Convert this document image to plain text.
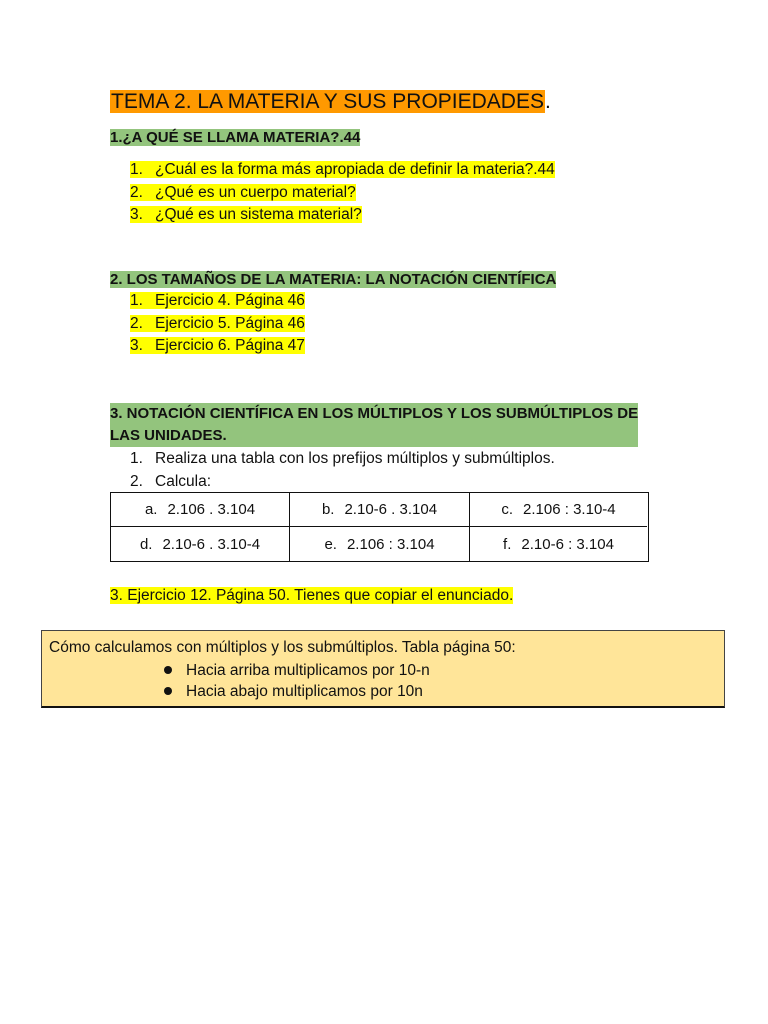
TEMA 2. LA MATERIA Y SUS PROPIEDADES.
1.¿A QUÉ SE LLAMA MATERIA?.44
1. ¿Cuál es la forma más apropiada de definir la materia?.44
2. ¿Qué es un cuerpo material?
3. ¿Qué es un sistema material?
2. LOS TAMAÑOS DE LA MATERIA: LA NOTACIÓN CIENTÍFICA
1. Ejercicio 4. Página 46
2. Ejercicio 5. Página 46
3. Ejercicio 6. Página 47
3. NOTACIÓN CIENTÍFICA EN LOS MÚLTIPLOS Y LOS SUBMÚLTIPLOS DE
LAS UNIDADES.
1. Realiza una tabla con los prefijos múltiplos y submúltiplos.
2. Calcula:
a. 2.106 . 3.104	b. 2.10-6 . 3.104	c. 2.106 : 3.10-4
d. 2.10-6 . 3.10-4	e. 2.106 : 3.104	f. 2.10-6 : 3.104
3. Ejercicio 12. Página 50. Tienes que copiar el enunciado.
Cómo calculamos con múltiplos y los submúltiplos. Tabla página 50:
Hacia arriba multiplicamos por 10-n
Hacia abajo multiplicamos por 10n
